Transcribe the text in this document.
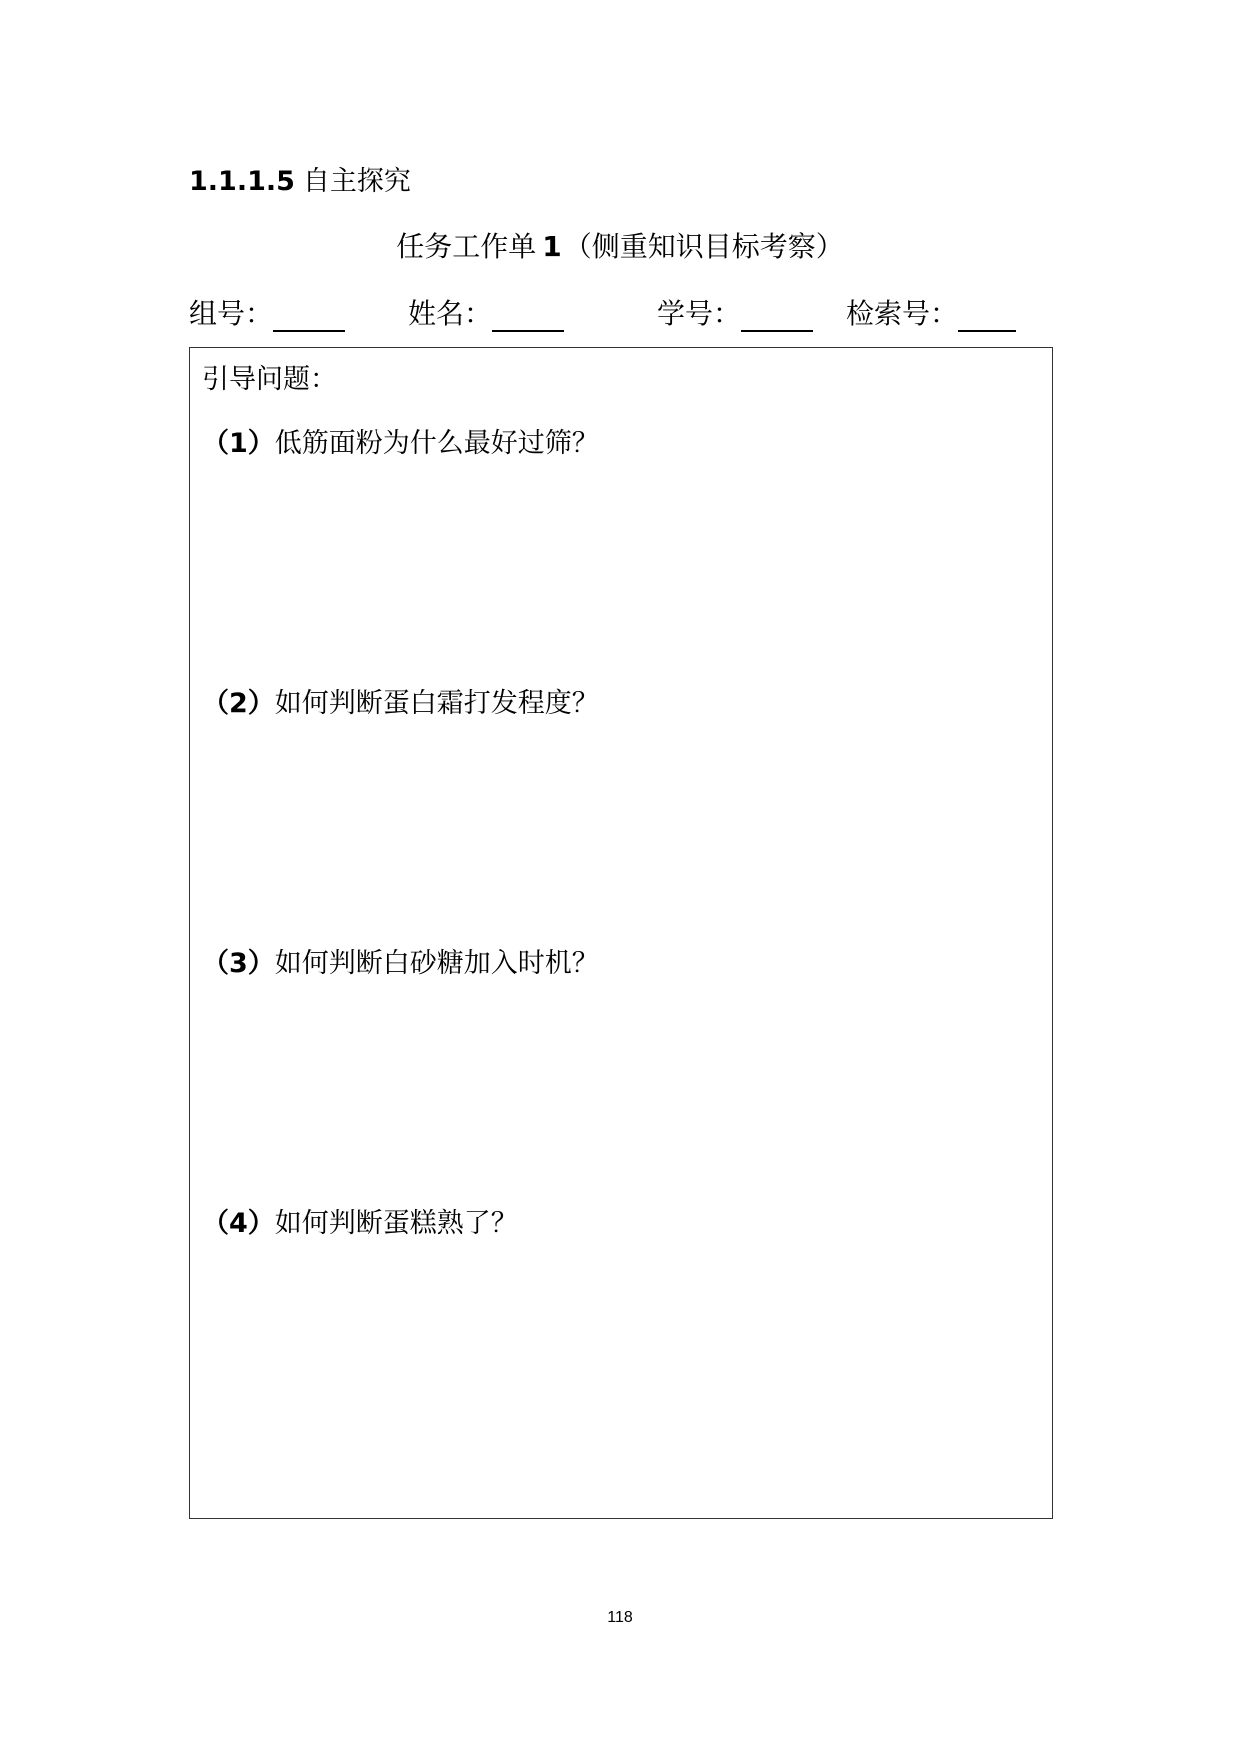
1.1.1.5 自主探究
任务工作单 1（侧重知识目标考察）
组号：	姓名：	学号：	检索号：
引导问题：
（1）低筋面粉为什么最好过筛？
（2）如何判断蛋白霜打发程度？
（3）如何判断白砂糖加入时机？
（4）如何判断蛋糕熟了？
118
